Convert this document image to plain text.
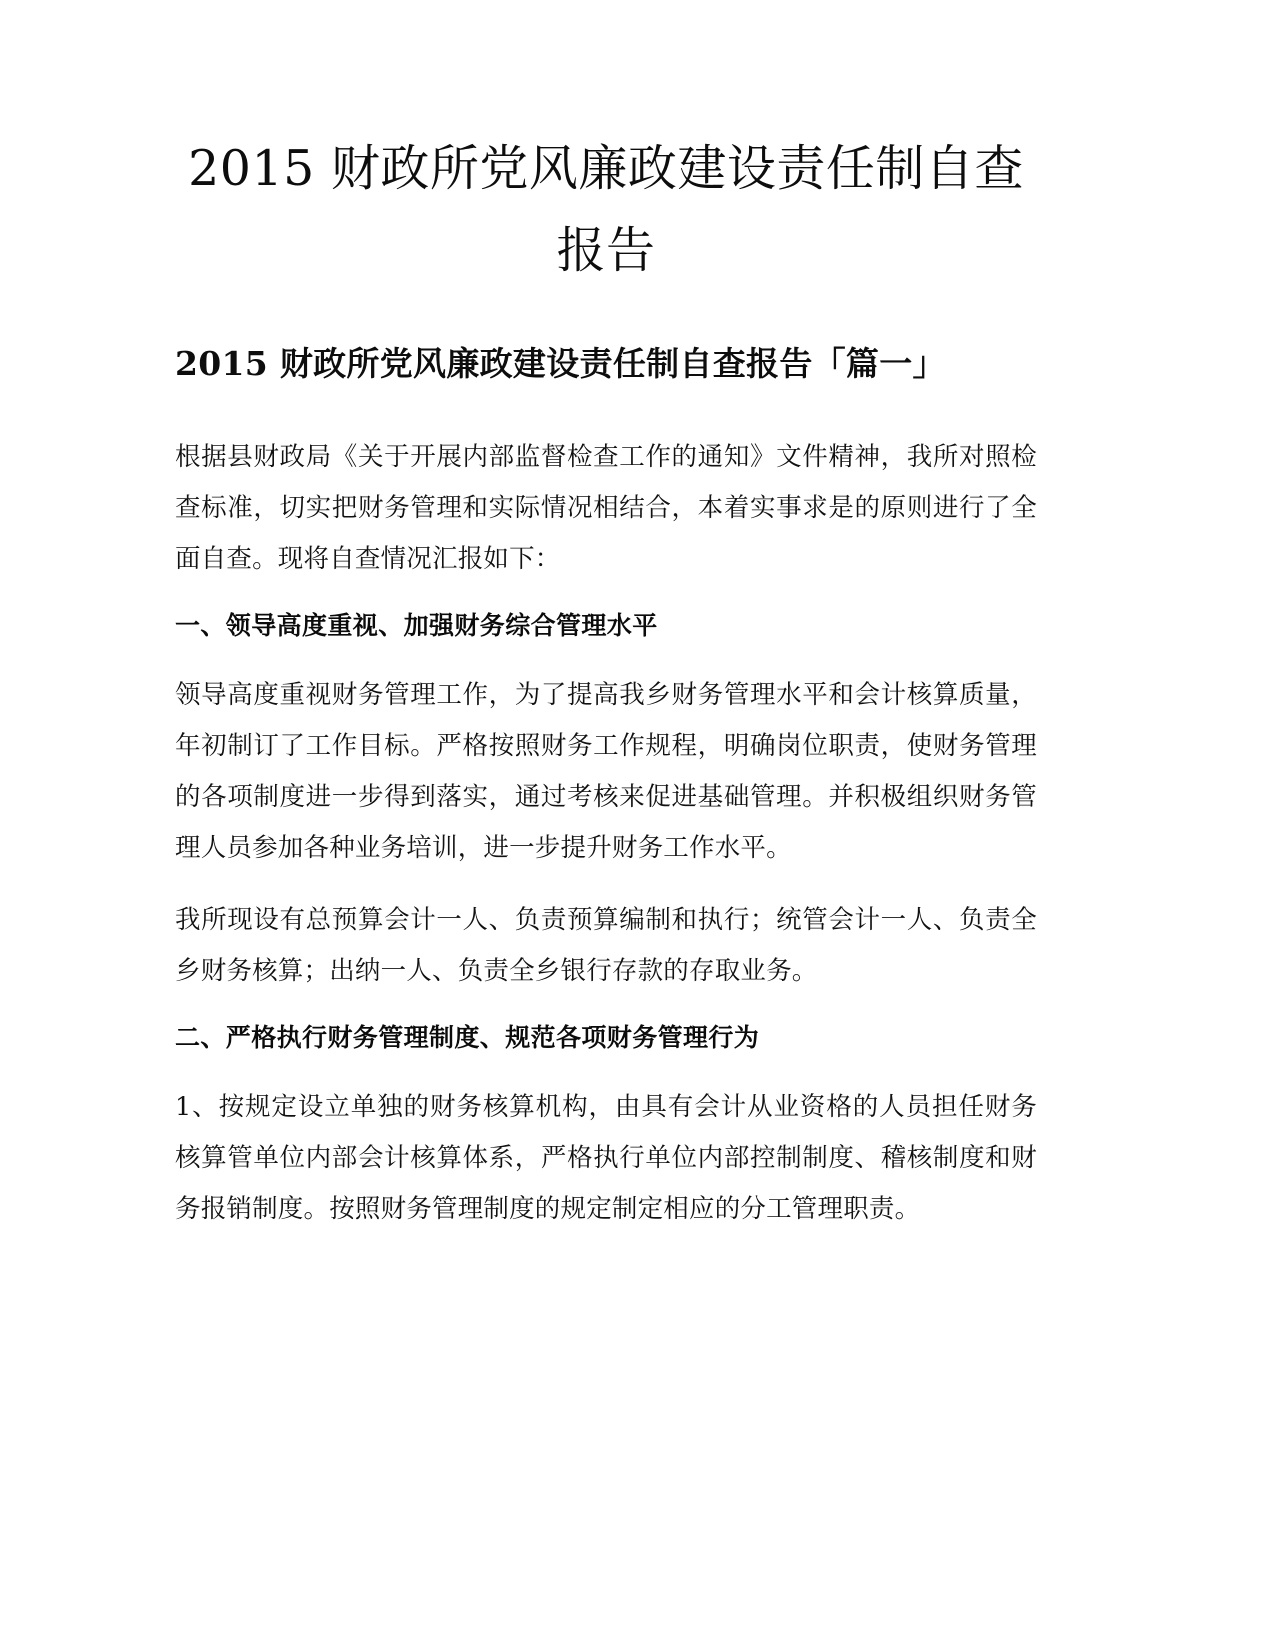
2015 财政所党风廉政建设责任制自查报告
2015 财政所党风廉政建设责任制自查报告「篇一」

根据县财政局《关于开展内部监督检查工作的通知》文件精神，我所对照检查标准，切实把财务管理和实际情况相结合，本着实事求是的原则进行了全面自查。现将自查情况汇报如下：

一、领导高度重视、加强财务综合管理水平

领导高度重视财务管理工作，为了提高我乡财务管理水平和会计核算质量，年初制订了工作目标。严格按照财务工作规程，明确岗位职责，使财务管理的各项制度进一步得到落实，通过考核来促进基础管理。并积极组织财务管理人员参加各种业务培训，进一步提升财务工作水平。

我所现设有总预算会计一人、负责预算编制和执行；统管会计一人、负责全乡财务核算；出纳一人、负责全乡银行存款的存取业务。

二、严格执行财务管理制度、规范各项财务管理行为

1、按规定设立单独的财务核算机构，由具有会计从业资格的人员担任财务核算管单位内部会计核算体系，严格执行单位内部控制制度、稽核制度和财务报销制度。按照财务管理制度的规定制定相应的分工管理职责。
